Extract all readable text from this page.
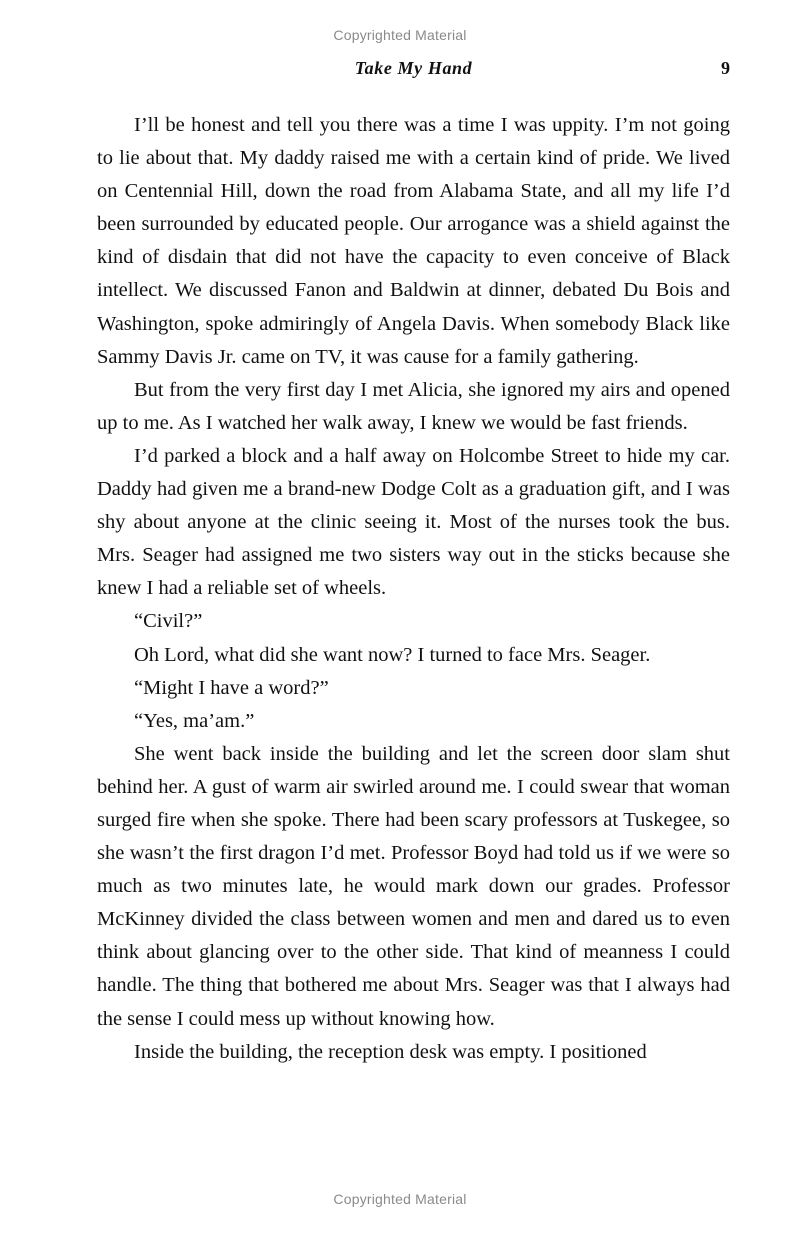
Copyrighted Material
Take My Hand	9

I’ll be honest and tell you there was a time I was uppity. I’m not going to lie about that. My daddy raised me with a certain kind of pride. We lived on Centennial Hill, down the road from Alabama State, and all my life I’d been surrounded by educated people. Our arrogance was a shield against the kind of disdain that did not have the capacity to even conceive of Black intellect. We discussed Fanon and Baldwin at dinner, debated Du Bois and Washington, spoke admiringly of Angela Davis. When somebody Black like Sammy Davis Jr. came on TV, it was cause for a family gathering.

But from the very first day I met Alicia, she ignored my airs and opened up to me. As I watched her walk away, I knew we would be fast friends.

I’d parked a block and a half away on Holcombe Street to hide my car. Daddy had given me a brand-new Dodge Colt as a graduation gift, and I was shy about anyone at the clinic seeing it. Most of the nurses took the bus. Mrs. Seager had assigned me two sisters way out in the sticks because she knew I had a reliable set of wheels.

“Civil?”

Oh Lord, what did she want now? I turned to face Mrs. Seager.

“Might I have a word?”

“Yes, ma’am.”

She went back inside the building and let the screen door slam shut behind her. A gust of warm air swirled around me. I could swear that woman surged fire when she spoke. There had been scary professors at Tuskegee, so she wasn’t the first dragon I’d met. Professor Boyd had told us if we were so much as two minutes late, he would mark down our grades. Professor McKinney divided the class between women and men and dared us to even think about glancing over to the other side. That kind of meanness I could handle. The thing that bothered me about Mrs. Seager was that I always had the sense I could mess up without knowing how.

Inside the building, the reception desk was empty. I positioned

Copyrighted Material
